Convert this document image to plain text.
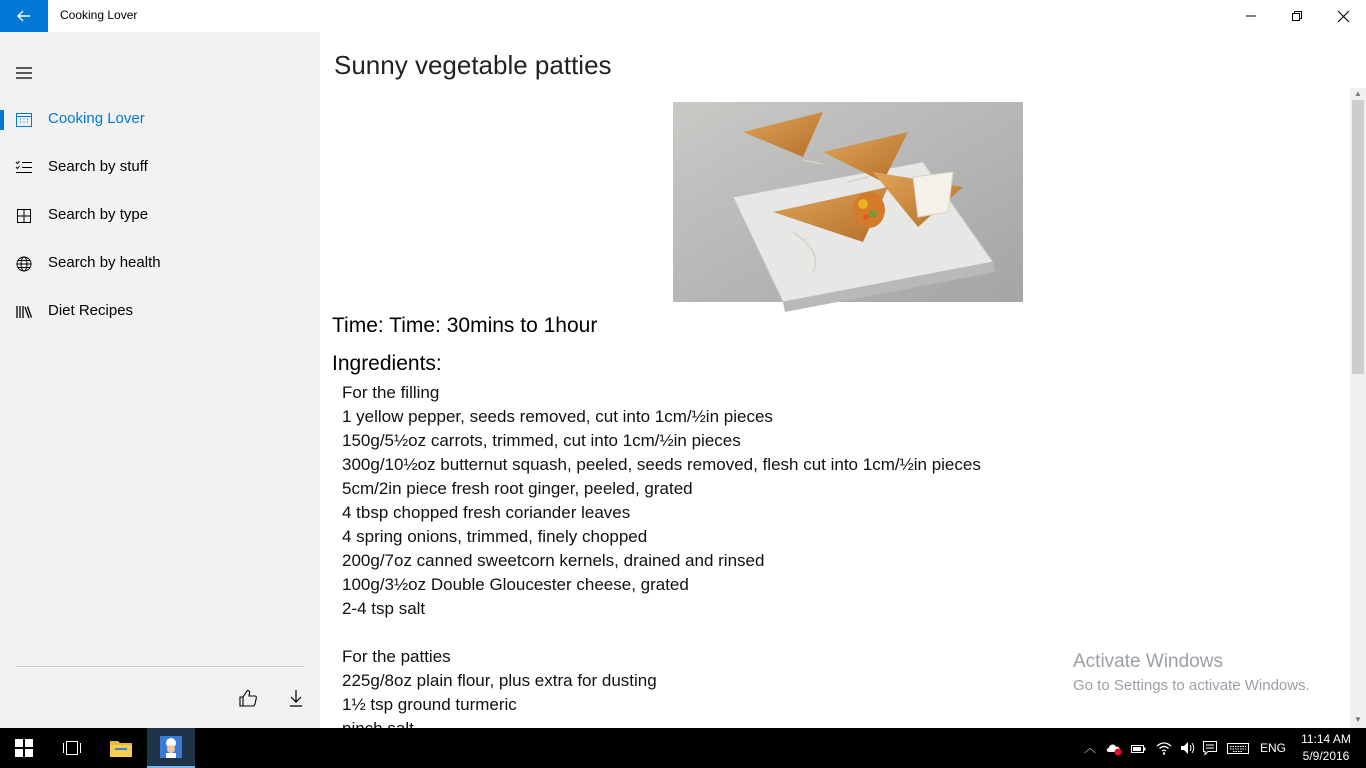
Cooking Lover
Cooking Lover
Search by stuff
Search by type
Search by health
Diet Recipes
Sunny vegetable patties
Time: Time: 30mins to 1hour
Ingredients:
For the filling
1 yellow pepper, seeds removed, cut into 1cm/½in pieces
150g/5½oz carrots, trimmed, cut into 1cm/½in pieces
300g/10½oz butternut squash, peeled, seeds removed, flesh cut into 1cm/½in pieces
5cm/2in piece fresh root ginger, peeled, grated
4 tbsp chopped fresh coriander leaves
4 spring onions, trimmed, finely chopped
200g/7oz canned sweetcorn kernels, drained and rinsed
100g/3½oz Double Gloucester cheese, grated
2-4 tsp salt
For the patties
225g/8oz plain flour, plus extra for dusting
1½ tsp ground turmeric
▲
▼
Activate Windows
Go to Settings to activate Windows.
︿	ENG
11:14 AM
5/9/2016
